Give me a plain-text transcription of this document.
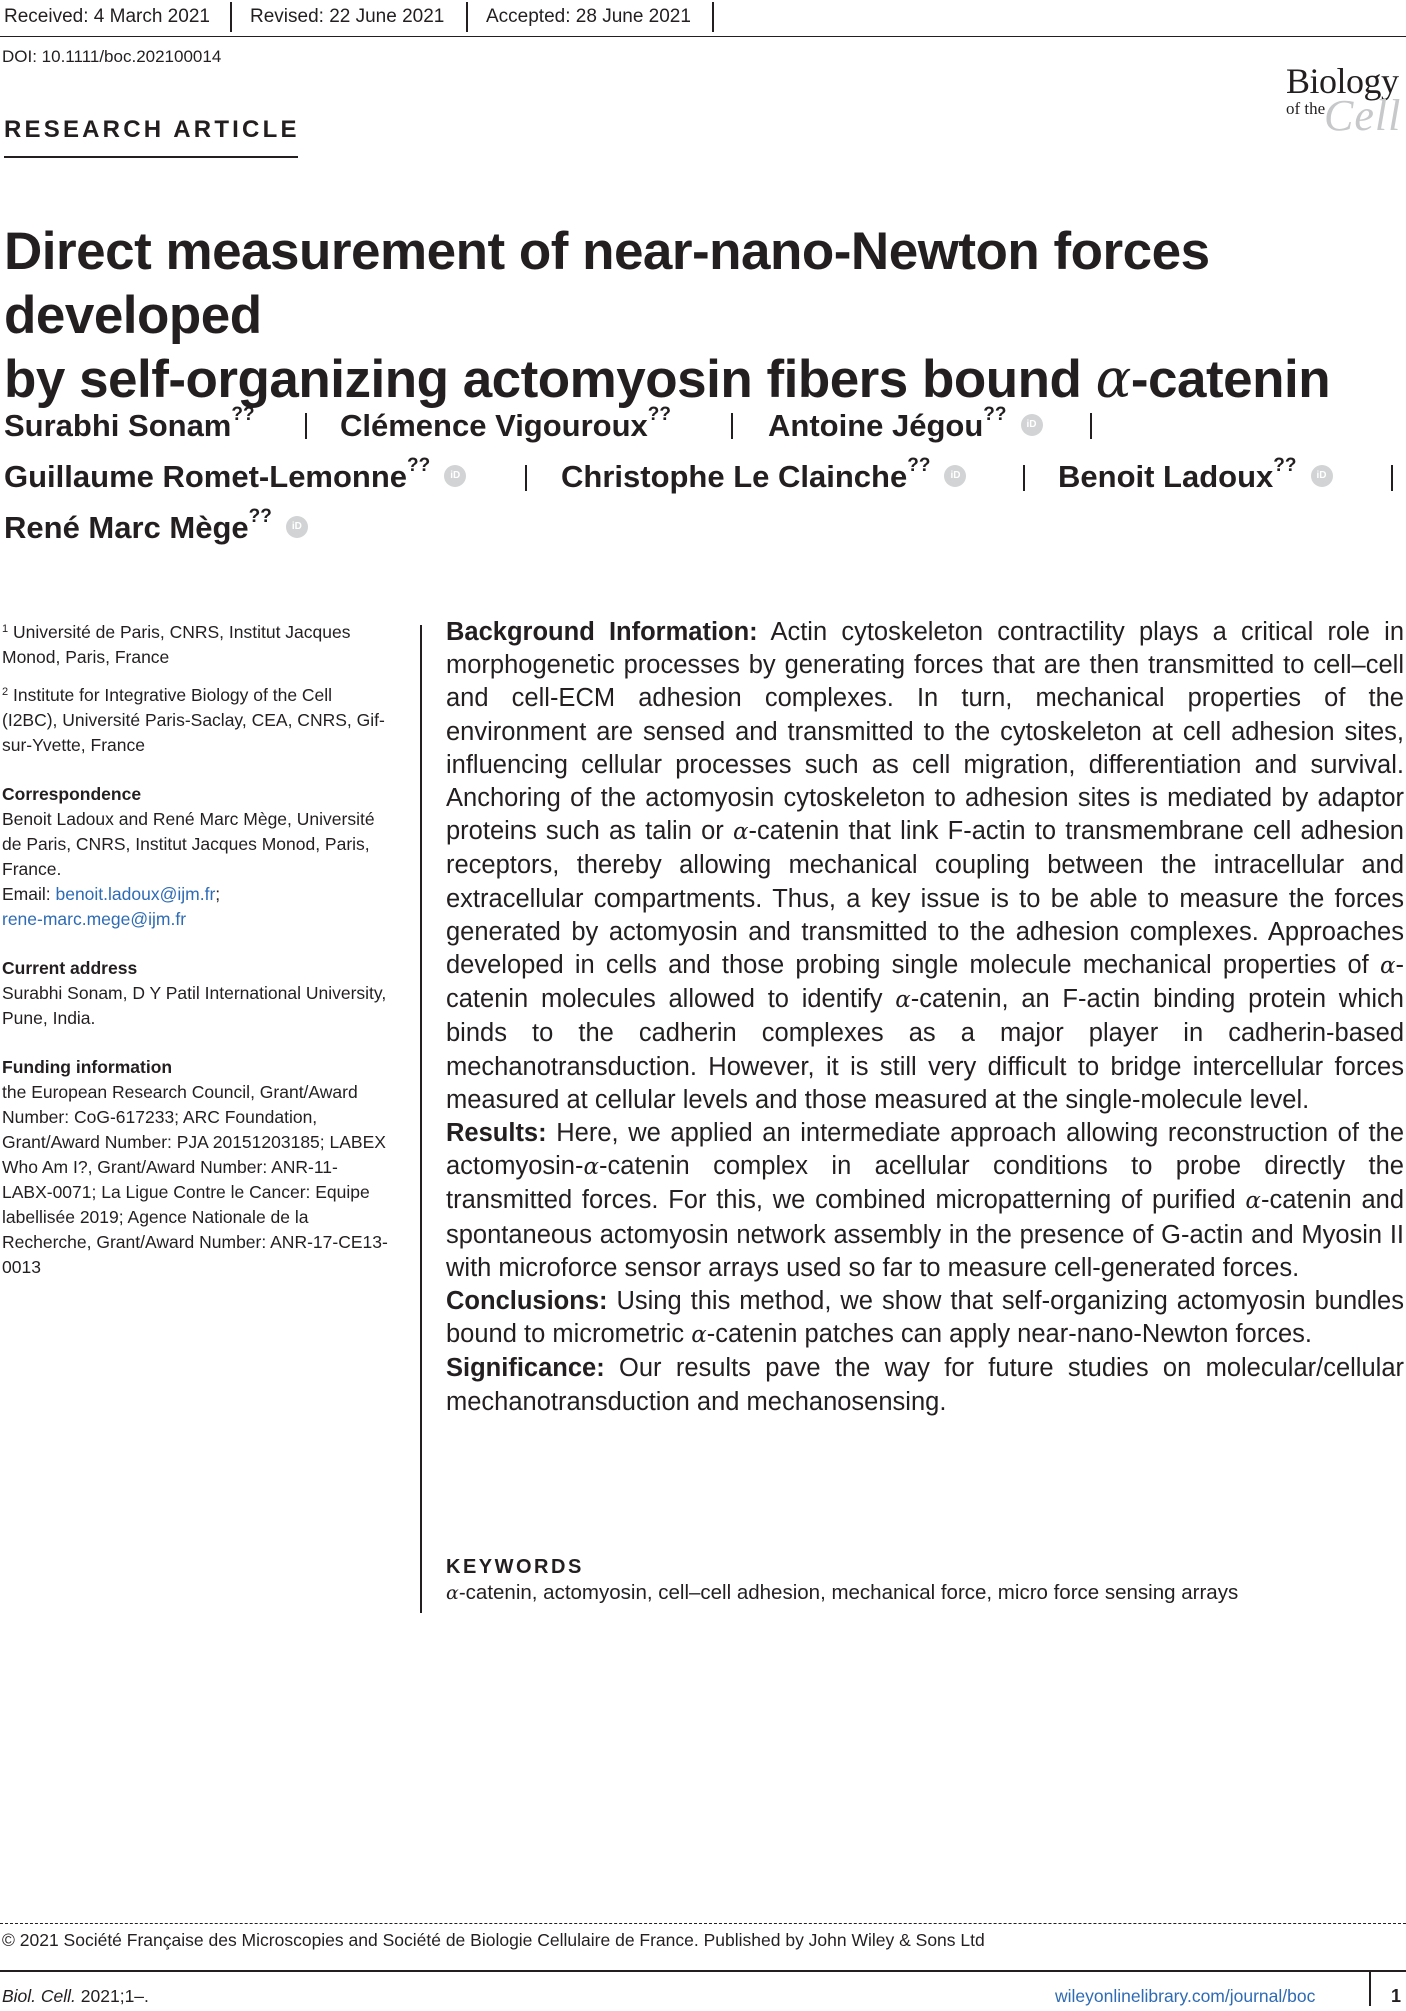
Received: 4 March 2021 Revised: 22 June 2021 Accepted: 28 June 2021
DOI: 10.1111/boc.202100014
Biology
Cell
of the
RESEARCH ARTICLE
Direct measurement of near-nano-Newton forces developed
by self-organizing actomyosin fibers bound α-catenin
Surabhi Sonam??	Clémence Vigouroux??	Antoine Jégou?? iD
Guillaume Romet-Lemonne?? iD	Christophe Le Clainche?? iD	Benoit Ladoux?? iD
René Marc Mège?? iD

$^1$ Université de Paris, CNRS, Institut Jacques Monod, Paris, France

$^2$ Institute for Integrative Biology of the Cell (I2BC), Université Paris-Saclay, CEA, CNRS, Gif-sur-Yvette, France

Correspondence

Benoit Ladoux and René Marc Mège, Université de Paris, CNRS, Institut Jacques Monod, Paris, France.

Email: benoit.ladoux@ijm.fr;
rene-marc.mege@ijm.fr

Current address

Surabhi Sonam, D Y Patil International University, Pune, India.

Funding information

the European Research Council, Grant/Award Number: CoG-617233; ARC Foundation, Grant/Award Number: PJA 20151203185; LABEX Who Am I?, Grant/Award Number: ANR-11-LABX-0071; La Ligue Contre le Cancer: Equipe labellisée 2019; Agence Nationale de la Recherche, Grant/Award Number: ANR-17-CE13-0013

Background Information: Actin cytoskeleton contractility plays a critical role in morphogenetic processes by generating forces that are then transmitted to cell–cell and cell-ECM adhesion complexes. In turn, mechanical properties of the environment are sensed and transmitted to the cytoskeleton at cell adhesion sites, influencing cellular processes such as cell migration, differentiation and survival. Anchoring of the actomyosin cytoskeleton to adhesion sites is mediated by adaptor proteins such as talin or α-catenin that link F-actin to transmembrane cell adhesion receptors, thereby allowing mechanical coupling between the intracellular and extracellular compartments. Thus, a key issue is to be able to measure the forces generated by actomyosin and transmitted to the adhesion complexes. Approaches developed in cells and those probing single molecule mechanical properties of α-catenin molecules allowed to identify α-catenin, an F-actin binding protein which binds to the cadherin complexes as a major player in cadherin-based mechanotransduction. However, it is still very difficult to bridge intercellular forces measured at cellular levels and those measured at the single-molecule level.

Results: Here, we applied an intermediate approach allowing reconstruction of the actomyosin-α-catenin complex in acellular conditions to probe directly the transmitted forces. For this, we combined micropatterning of purified α-catenin and spontaneous actomyosin network assembly in the presence of G-actin and Myosin II with microforce sensor arrays used so far to measure cell-generated forces.

Conclusions: Using this method, we show that self-organizing actomyosin bundles bound to micrometric α-catenin patches can apply near-nano-Newton forces.

Significance: Our results pave the way for future studies on molecular/cellular mechanotransduction and mechanosensing.

KEYWORDS
α-catenin, actomyosin, cell–cell adhesion, mechanical force, micro force sensing arrays
© 2021 Société Française des Microscopies and Société de Biologie Cellulaire de France. Published by John Wiley & Sons Ltd
Biol. Cell. 2021;1–.	wileyonlinelibrary.com/journal/boc	1
